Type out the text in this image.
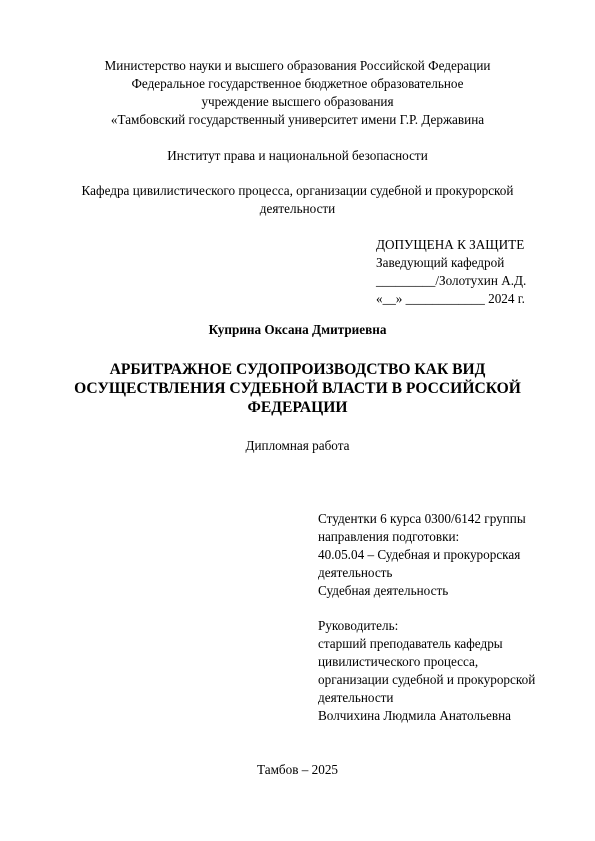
Министерство науки и высшего образования Российской Федерации
Федеральное государственное бюджетное образовательное
учреждение высшего образования
«Тамбовский государственный университет имени Г.Р. Державина
Институт права и национальной безопасности
Кафедра цивилистического процесса, организации судебной и прокурорской
деятельности
ДОПУЩЕНА К ЗАЩИТЕ
Заведующий кафедрой
_________/Золотухин А.Д.
«__» ____________ 2024 г.
Куприна Оксана Дмитриевна
АРБИТРАЖНОЕ СУДОПРОИЗВОДСТВО КАК ВИД
ОСУЩЕСТВЛЕНИЯ СУДЕБНОЙ ВЛАСТИ В РОССИЙСКОЙ
ФЕДЕРАЦИИ
Дипломная работа
Студентки 6 курса 0300/6142 группы
направления подготовки:
40.05.04 – Судебная и прокурорская
деятельность
Судебная деятельность
Руководитель:
старший преподаватель кафедры
цивилистического процесса,
организации судебной и прокурорской
деятельности
Волчихина Людмила Анатольевна
Тамбов – 2025
